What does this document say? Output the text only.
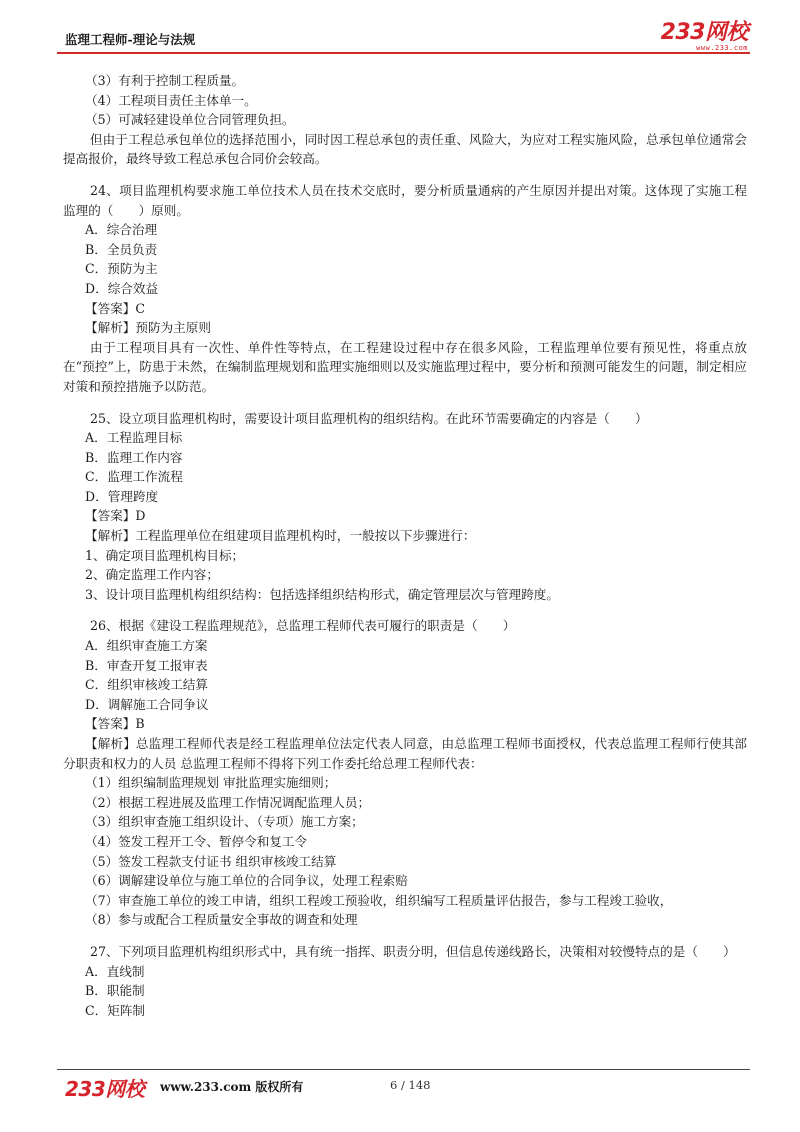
监理工程师-理论与法规	233网校
www.233.com
（3）有利于控制工程质量。
（4）工程项目责任主体单一。
（5）可减轻建设单位合同管理负担。
但由于工程总承包单位的选择范围小，同时因工程总承包的责任重、风险大，为应对工程实施风险，总承包单位通常会提高报价，最终导致工程总承包合同价会较高。
24、项目监理机构要求施工单位技术人员在技术交底时，要分析质量通病的产生原因并提出对策。这体现了实施工程监理的（　　）原则。
A．综合治理
B．全员负责
C．预防为主
D．综合效益
【答案】C
【解析】预防为主原则
由于工程项目具有一次性、单件性等特点，在工程建设过程中存在很多风险，工程监理单位要有预见性，将重点放在“预控”上，防患于未然，在编制监理规划和监理实施细则以及实施监理过程中，要分析和预测可能发生的问题，制定相应对策和预控措施予以防范。
25、设立项目监理机构时，需要设计项目监理机构的组织结构。在此环节需要确定的内容是（　　）
A．工程监理目标
B．监理工作内容
C．监理工作流程
D．管理跨度
【答案】D
【解析】工程监理单位在组建项目监理机构时，一般按以下步骤进行：
1、确定项目监理机构目标；
2、确定监理工作内容；
3、设计项目监理机构组织结构：包括选择组织结构形式，确定管理层次与管理跨度。
26、根据《建设工程监理规范》，总监理工程师代表可履行的职责是（　　）
A．组织审查施工方案
B．审查开复工报审表
C．组织审核竣工结算
D．调解施工合同争议
【答案】B
【解析】总监理工程师代表是经工程监理单位法定代表人同意，由总监理工程师书面授权，代表总监理工程师行使其部分职责和权力的人员 总监理工程师不得将下列工作委托给总理工程师代表：
（1）组织编制监理规划 审批监理实施细则；
（2）根据工程进展及监理工作情况调配监理人员；
（3）组织审查施工组织设计、（专项）施工方案；
（4）签发工程开工令、暂停令和复工令
（5）签发工程款支付证书 组织审核竣工结算
（6）调解建设单位与施工单位的合同争议，处理工程索赔
（7）审查施工单位的竣工申请，组织工程竣工预验收，组织编写工程质量评估报告，参与工程竣工验收，
（8）参与或配合工程质量安全事故的调查和处理
27、下列项目监理机构组织形式中，具有统一指挥、职责分明，但信息传递线路长，决策相对较慢特点的是（　　）
A．直线制
B．职能制
C．矩阵制
233网校 www.233.com 版权所有	6 / 148
